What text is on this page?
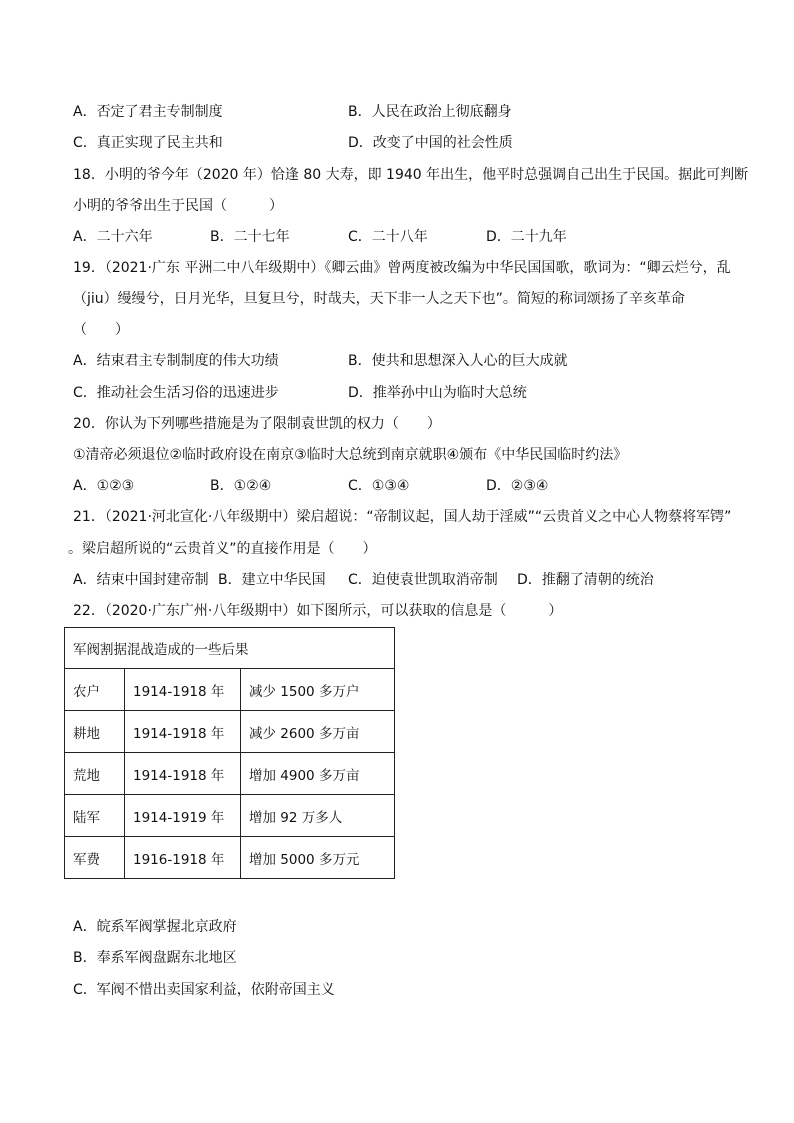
A．否定了君主专制制度	B．人民在政治上彻底翻身
C．真正实现了民主共和	D．改变了中国的社会性质
18．小明的爷今年（2020 年）恰逢 80 大寿，即 1940 年出生，他平时总强调自己出生于民国。据此可判断
小明的爷爷出生于民国（　　　）
A．二十六年	B．二十七年	C．二十八年	D．二十九年
19．（2021·广东 平洲二中八年级期中）《卿云曲》曾两度被改编为中华民国国歌，歌词为：“卿云烂兮，乱
（jiu）缦缦兮，日月光华，旦复旦兮，时哉夫，天下非一人之天下也”。简短的称词颂扬了辛亥革命
（　　）
A．结束君主专制制度的伟大功绩	B．使共和思想深入人心的巨大成就
C．推动社会生活习俗的迅速进步	D．推举孙中山为临时大总统
20．你认为下列哪些措施是为了限制袁世凯的权力（　　）
①清帝必须退位②临时政府设在南京③临时大总统到南京就职④颁布《中华民国临时约法》
A．①②③	B．①②④	C．①③④	D．②③④
21．（2021·河北宣化·八年级期中）梁启超说：“帝制议起，国人劫于淫威”“云贵首义之中心人物蔡将军锷”
。梁启超所说的“云贵首义”的直接作用是（　　）
A．结束中国封建帝制 B．建立中华民国 C．迫使袁世凯取消帝制 D．推翻了清朝的统治
22．（2020·广东广州·八年级期中）如下图所示，可以获取的信息是（　　　）
军阀割据混战造成的一些后果		
农户	1914-1918 年	减少 1500 多万户
耕地	1914-1918 年	减少 2600 多万亩
荒地	1914-1918 年	增加 4900 多万亩
陆军	1914-1919 年	增加 92 万多人
军费	1916-1918 年	增加 5000 多万元
A．皖系军阀掌握北京政府
B．奉系军阀盘踞东北地区
C．军阀不惜出卖国家利益，依附帝国主义
